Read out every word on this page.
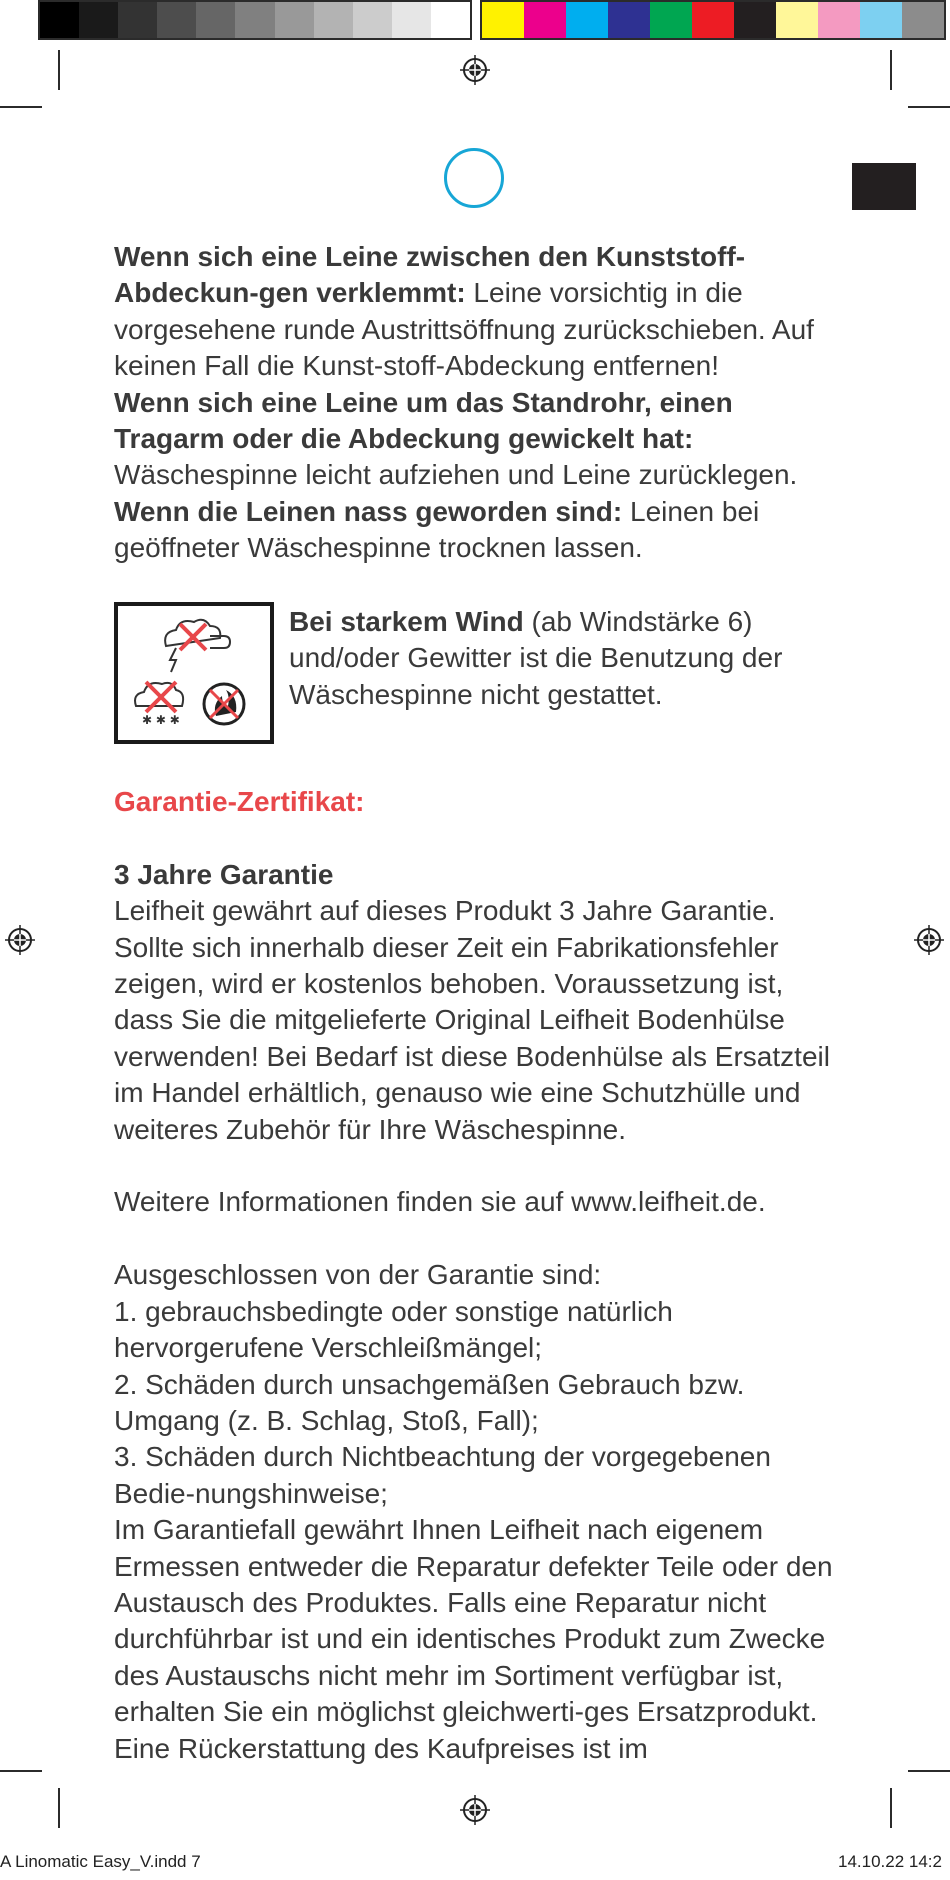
Wenn sich eine Leine zwischen den Kunststoff-Abdeckun-gen verklemmt: Leine vorsichtig in die vorgesehene runde Austrittsöffnung zurückschieben. Auf keinen Fall die Kunst-stoff-Abdeckung entfernen!

Wenn sich eine Leine um das Standrohr, einen Tragarm oder die Abdeckung gewickelt hat: Wäschespinne leicht aufziehen und Leine zurücklegen.

Wenn die Leinen nass geworden sind: Leinen bei geöffneter Wäschespinne trocknen lassen.

✱ ✱ ✱
Bei starkem Wind (ab Windstärke 6) und/oder Gewitter ist die Benutzung der Wäschespinne nicht gestattet.

Garantie-Zertifikat:

3 Jahre Garantie

Leifheit gewährt auf dieses Produkt 3 Jahre Garantie. Sollte sich innerhalb dieser Zeit ein Fabrikationsfehler zeigen, wird er kostenlos behoben. Voraussetzung ist, dass Sie die mitgelieferte Original Leifheit Bodenhülse verwenden! Bei Bedarf ist diese Bodenhülse als Ersatzteil im Handel erhältlich, genauso wie eine Schutzhülle und weiteres Zubehör für Ihre Wäschespinne.

Weitere Informationen finden sie auf www.leifheit.de.

Ausgeschlossen von der Garantie sind:

1. gebrauchsbedingte oder sonstige natürlich hervorgerufene Verschleißmängel;

2. Schäden durch unsachgemäßen Gebrauch bzw. Umgang (z. B. Schlag, Stoß, Fall);

3. Schäden durch Nichtbeachtung der vorgegebenen Bedie-nungshinweise;

Im Garantiefall gewährt Ihnen Leifheit nach eigenem Ermessen entweder die Reparatur defekter Teile oder den Austausch des Produktes. Falls eine Reparatur nicht durchführbar ist und ein identisches Produkt zum Zwecke des Austauschs nicht mehr im Sortiment verfügbar ist, erhalten Sie ein möglichst gleichwerti-ges Ersatzprodukt. Eine Rückerstattung des Kaufpreises ist im

A Linomatic Easy_V.indd 7	14.10.22 14:2
